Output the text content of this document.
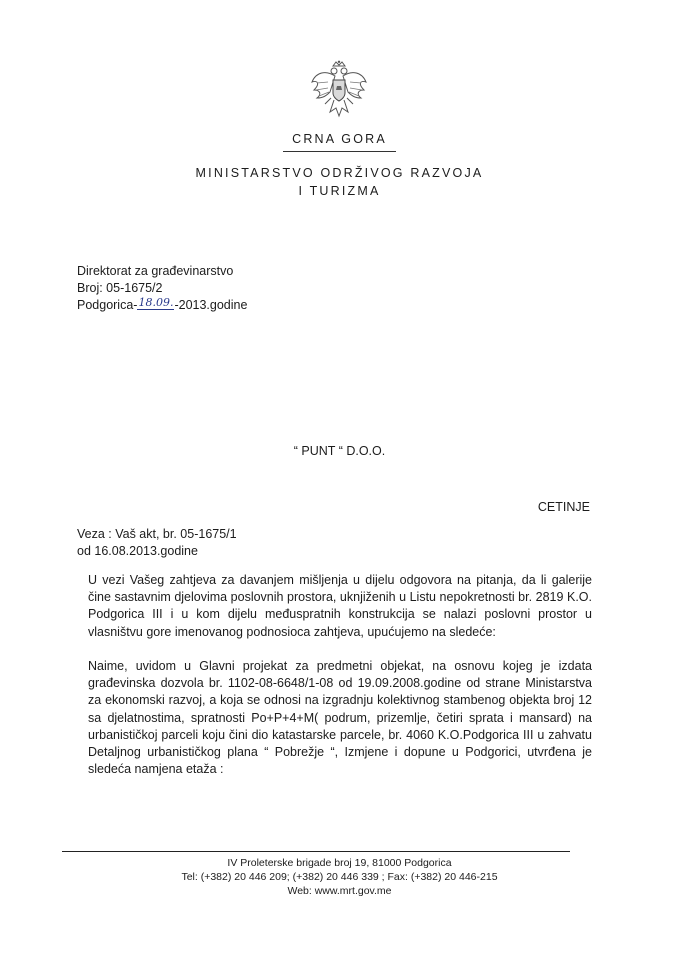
CRNA GORA
MINISTARSTVO ODRŽIVOG RAZVOJA
I TURIZMA
Direktorat za građevinarstvo
Broj: 05-1675/2
Podgorica-18.09.-2013.godine
“ PUNT “ D.O.O.
CETINJE
Veza : Vaš akt, br. 05-1675/1
od 16.08.2013.godine
U vezi Vašeg zahtjeva za davanjem mišljenja u dijelu odgovora na pitanja, da li galerije čine sastavnim djelovima poslovnih prostora, uknjiženih u Listu nepokretnosti br. 2819 K.O. Podgorica III i u kom dijelu međuspratnih konstrukcija se nalazi poslovni prostor u vlasništvu gore imenovanog podnosioca zahtjeva, upućujemo na sledeće:
Naime, uvidom u Glavni projekat za predmetni objekat, na osnovu kojeg je izdata građevinska dozvola br. 1102-08-6648/1-08 od 19.09.2008.godine od strane Ministarstva za ekonomski razvoj, a koja se odnosi na izgradnju kolektivnog stambenog objekta broj 12 sa djelatnostima, spratnosti Po+P+4+M( podrum, prizemlje, četiri sprata i mansard) na urbanističkoj parceli koju čini dio katastarske parcele, br. 4060 K.O.Podgorica III u zahvatu Detaljnog urbanističkog plana “ Pobrežje “, Izmjene i dopune u Podgorici, utvrđena je sledeća namjena etaža :
IV Proleterske brigade broj 19, 81000 Podgorica
Tel: (+382) 20 446 209; (+382) 20 446 339 ; Fax: (+382) 20 446-215
Web: www.mrt.gov.me
